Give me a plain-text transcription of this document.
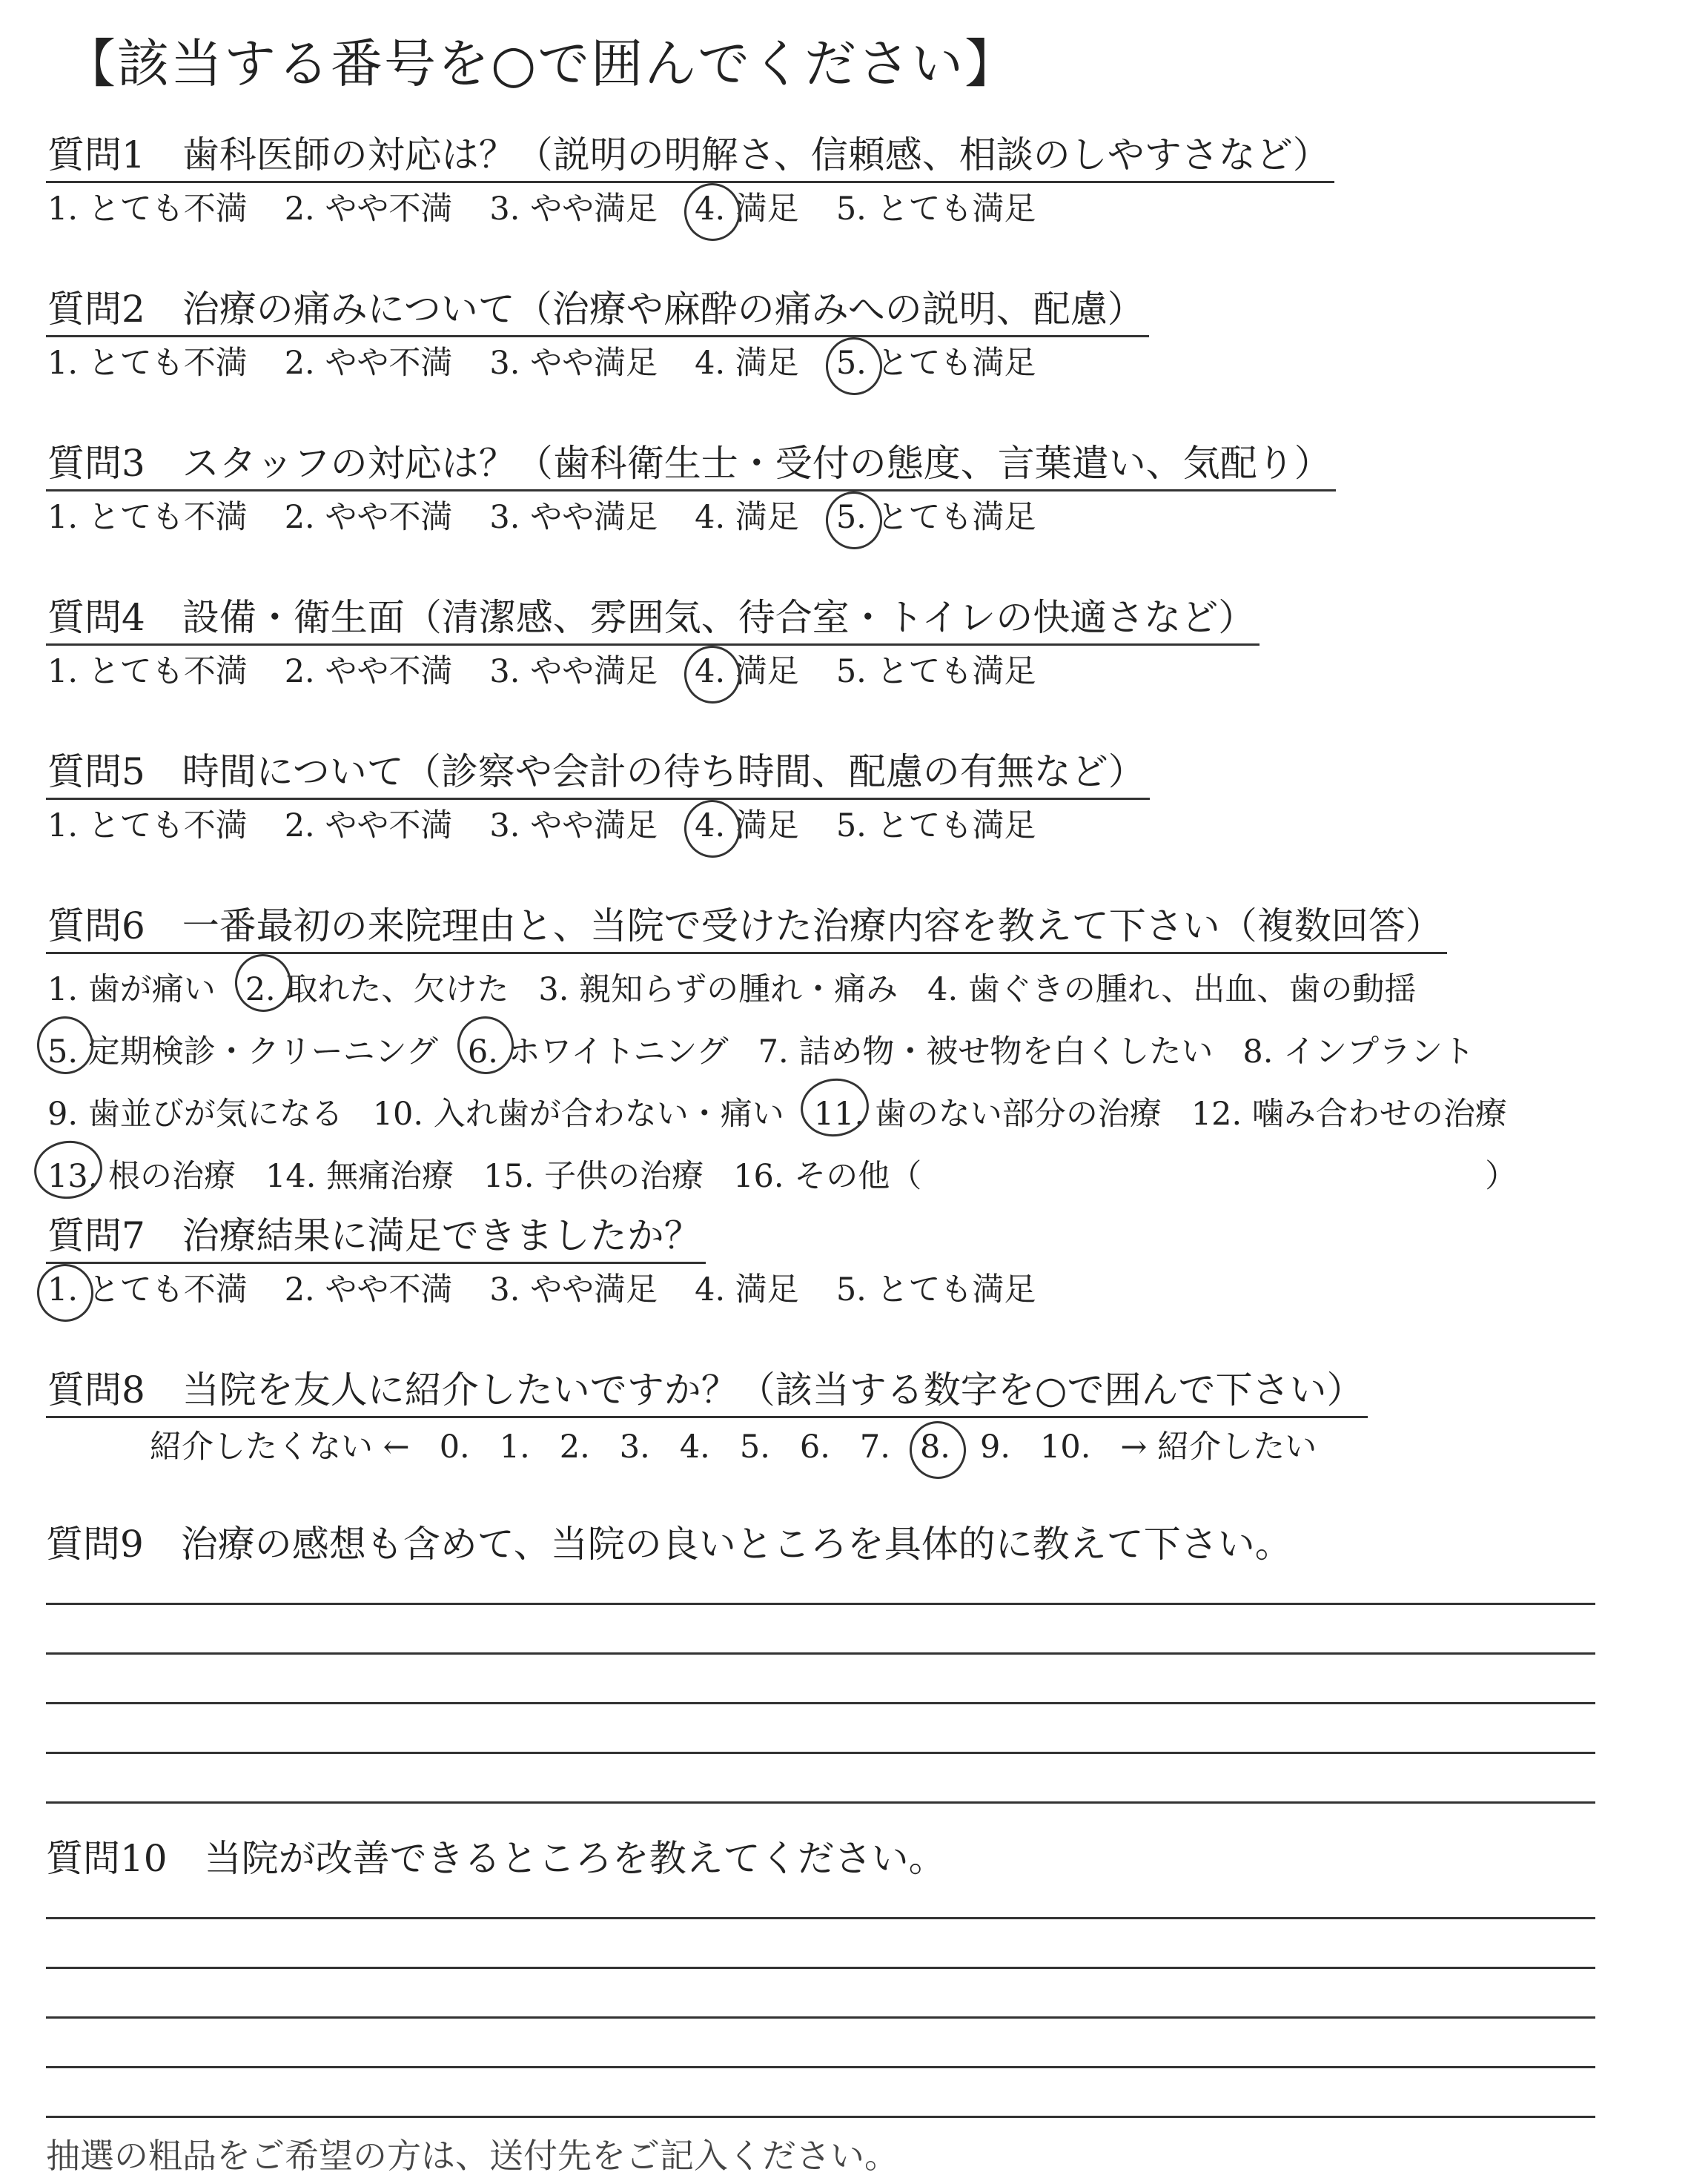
【該当する番号を○で囲んでください】
質問1　歯科医師の対応は？（説明の明解さ、信頼感、相談のしやすさなど）
1. とても不満 2. やや不満 3. やや満足 4. 満足 5. とても満足
質問2　治療の痛みについて（治療や麻酔の痛みへの説明、配慮）
1. とても不満 2. やや不満 3. やや満足 4. 満足 5. とても満足
質問3　スタッフの対応は？（歯科衛生士・受付の態度、言葉遣い、気配り）
1. とても不満 2. やや不満 3. やや満足 4. 満足 5. とても満足
質問4　設備・衛生面（清潔感、雰囲気、待合室・トイレの快適さなど）
1. とても不満 2. やや不満 3. やや満足 4. 満足 5. とても満足
質問5　時間について（診察や会計の待ち時間、配慮の有無など）
1. とても不満 2. やや不満 3. やや満足 4. 満足 5. とても満足
質問6　一番最初の来院理由と、当院で受けた治療内容を教えて下さい（複数回答）
1. 歯が痛い 2. 取れた、欠けた 3. 親知らずの腫れ・痛み 4. 歯ぐきの腫れ、出血、歯の動揺
5. 定期検診・クリーニング 6. ホワイトニング 7. 詰め物・被せ物を白くしたい 8. インプラント
9. 歯並びが気になる 10. 入れ歯が合わない・痛い 11. 歯のない部分の治療 12. 噛み合わせの治療
13. 根の治療 14. 無痛治療 15. 子供の治療 16. その他（	）
質問7　治療結果に満足できましたか？
1. とても不満 2. やや不満 3. やや満足 4. 満足 5. とても満足
質問8　当院を友人に紹介したいですか？（該当する数字を○で囲んで下さい）
紹介したくない ← 0. 1. 2. 3. 4. 5. 6. 7. 8. 9. 10. → 紹介したい
質問9　治療の感想も含めて、当院の良いところを具体的に教えて下さい。
質問10　当院が改善できるところを教えてください。
抽選の粗品をご希望の方は、送付先をご記入ください。
